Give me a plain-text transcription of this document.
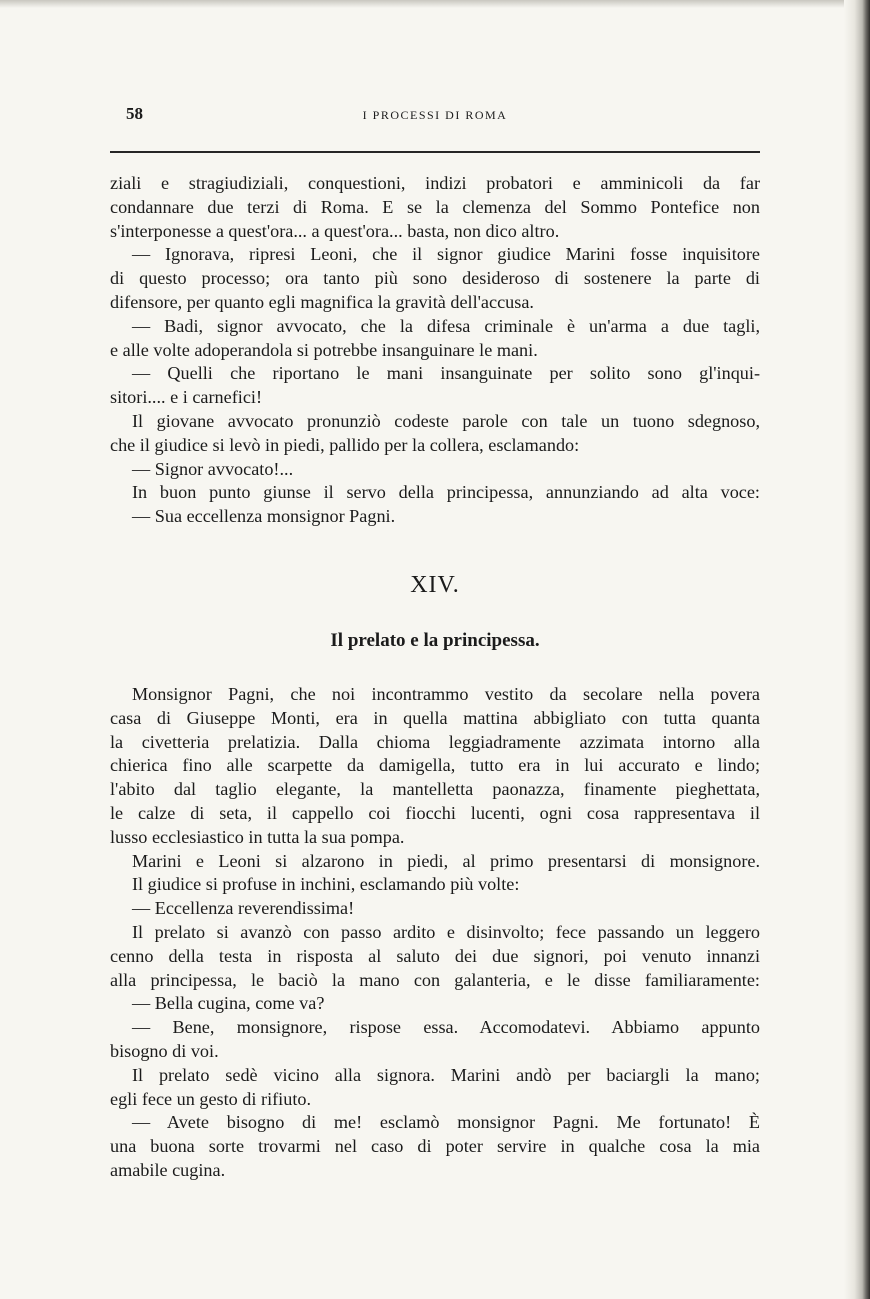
58	I PROCESSI DI ROMA
ziali e stragiudiziali, conquestioni, indizi probatori e amminicoli da far
condannare due terzi di Roma. E se la clemenza del Sommo Pontefice non
s'interponesse a quest'ora... a quest'ora... basta, non dico altro.
— Ignorava, ripresi Leoni, che il signor giudice Marini fosse inquisitore
di questo processo; ora tanto più sono desideroso di sostenere la parte di
difensore, per quanto egli magnifica la gravità dell'accusa.
— Badi, signor avvocato, che la difesa criminale è un'arma a due tagli,
e alle volte adoperandola si potrebbe insanguinare le mani.
— Quelli che riportano le mani insanguinate per solito sono gl'inqui-
sitori.... e i carnefici!
Il giovane avvocato pronunziò codeste parole con tale un tuono sdegnoso,
che il giudice si levò in piedi, pallido per la collera, esclamando:
— Signor avvocato!...
In buon punto giunse il servo della principessa, annunziando ad alta voce:
— Sua eccellenza monsignor Pagni.
XIV.
Il prelato e la principessa.
Monsignor Pagni, che noi incontrammo vestito da secolare nella povera
casa di Giuseppe Monti, era in quella mattina abbigliato con tutta quanta
la civetteria prelatizia. Dalla chioma leggiadramente azzimata intorno alla
chierica fino alle scarpette da damigella, tutto era in lui accurato e lindo;
l'abito dal taglio elegante, la mantelletta paonazza, finamente pieghettata,
le calze di seta, il cappello coi fiocchi lucenti, ogni cosa rappresentava il
lusso ecclesiastico in tutta la sua pompa.
Marini e Leoni si alzarono in piedi, al primo presentarsi di monsignore.
Il giudice si profuse in inchini, esclamando più volte:
— Eccellenza reverendissima!
Il prelato si avanzò con passo ardito e disinvolto; fece passando un leggero
cenno della testa in risposta al saluto dei due signori, poi venuto innanzi
alla principessa, le baciò la mano con galanteria, e le disse familiaramente:
— Bella cugina, come va?
— Bene, monsignore, rispose essa. Accomodatevi. Abbiamo appunto
bisogno di voi.
Il prelato sedè vicino alla signora. Marini andò per baciargli la mano;
egli fece un gesto di rifiuto.
— Avete bisogno di me! esclamò monsignor Pagni. Me fortunato! È
una buona sorte trovarmi nel caso di poter servire in qualche cosa la mia
amabile cugina.
